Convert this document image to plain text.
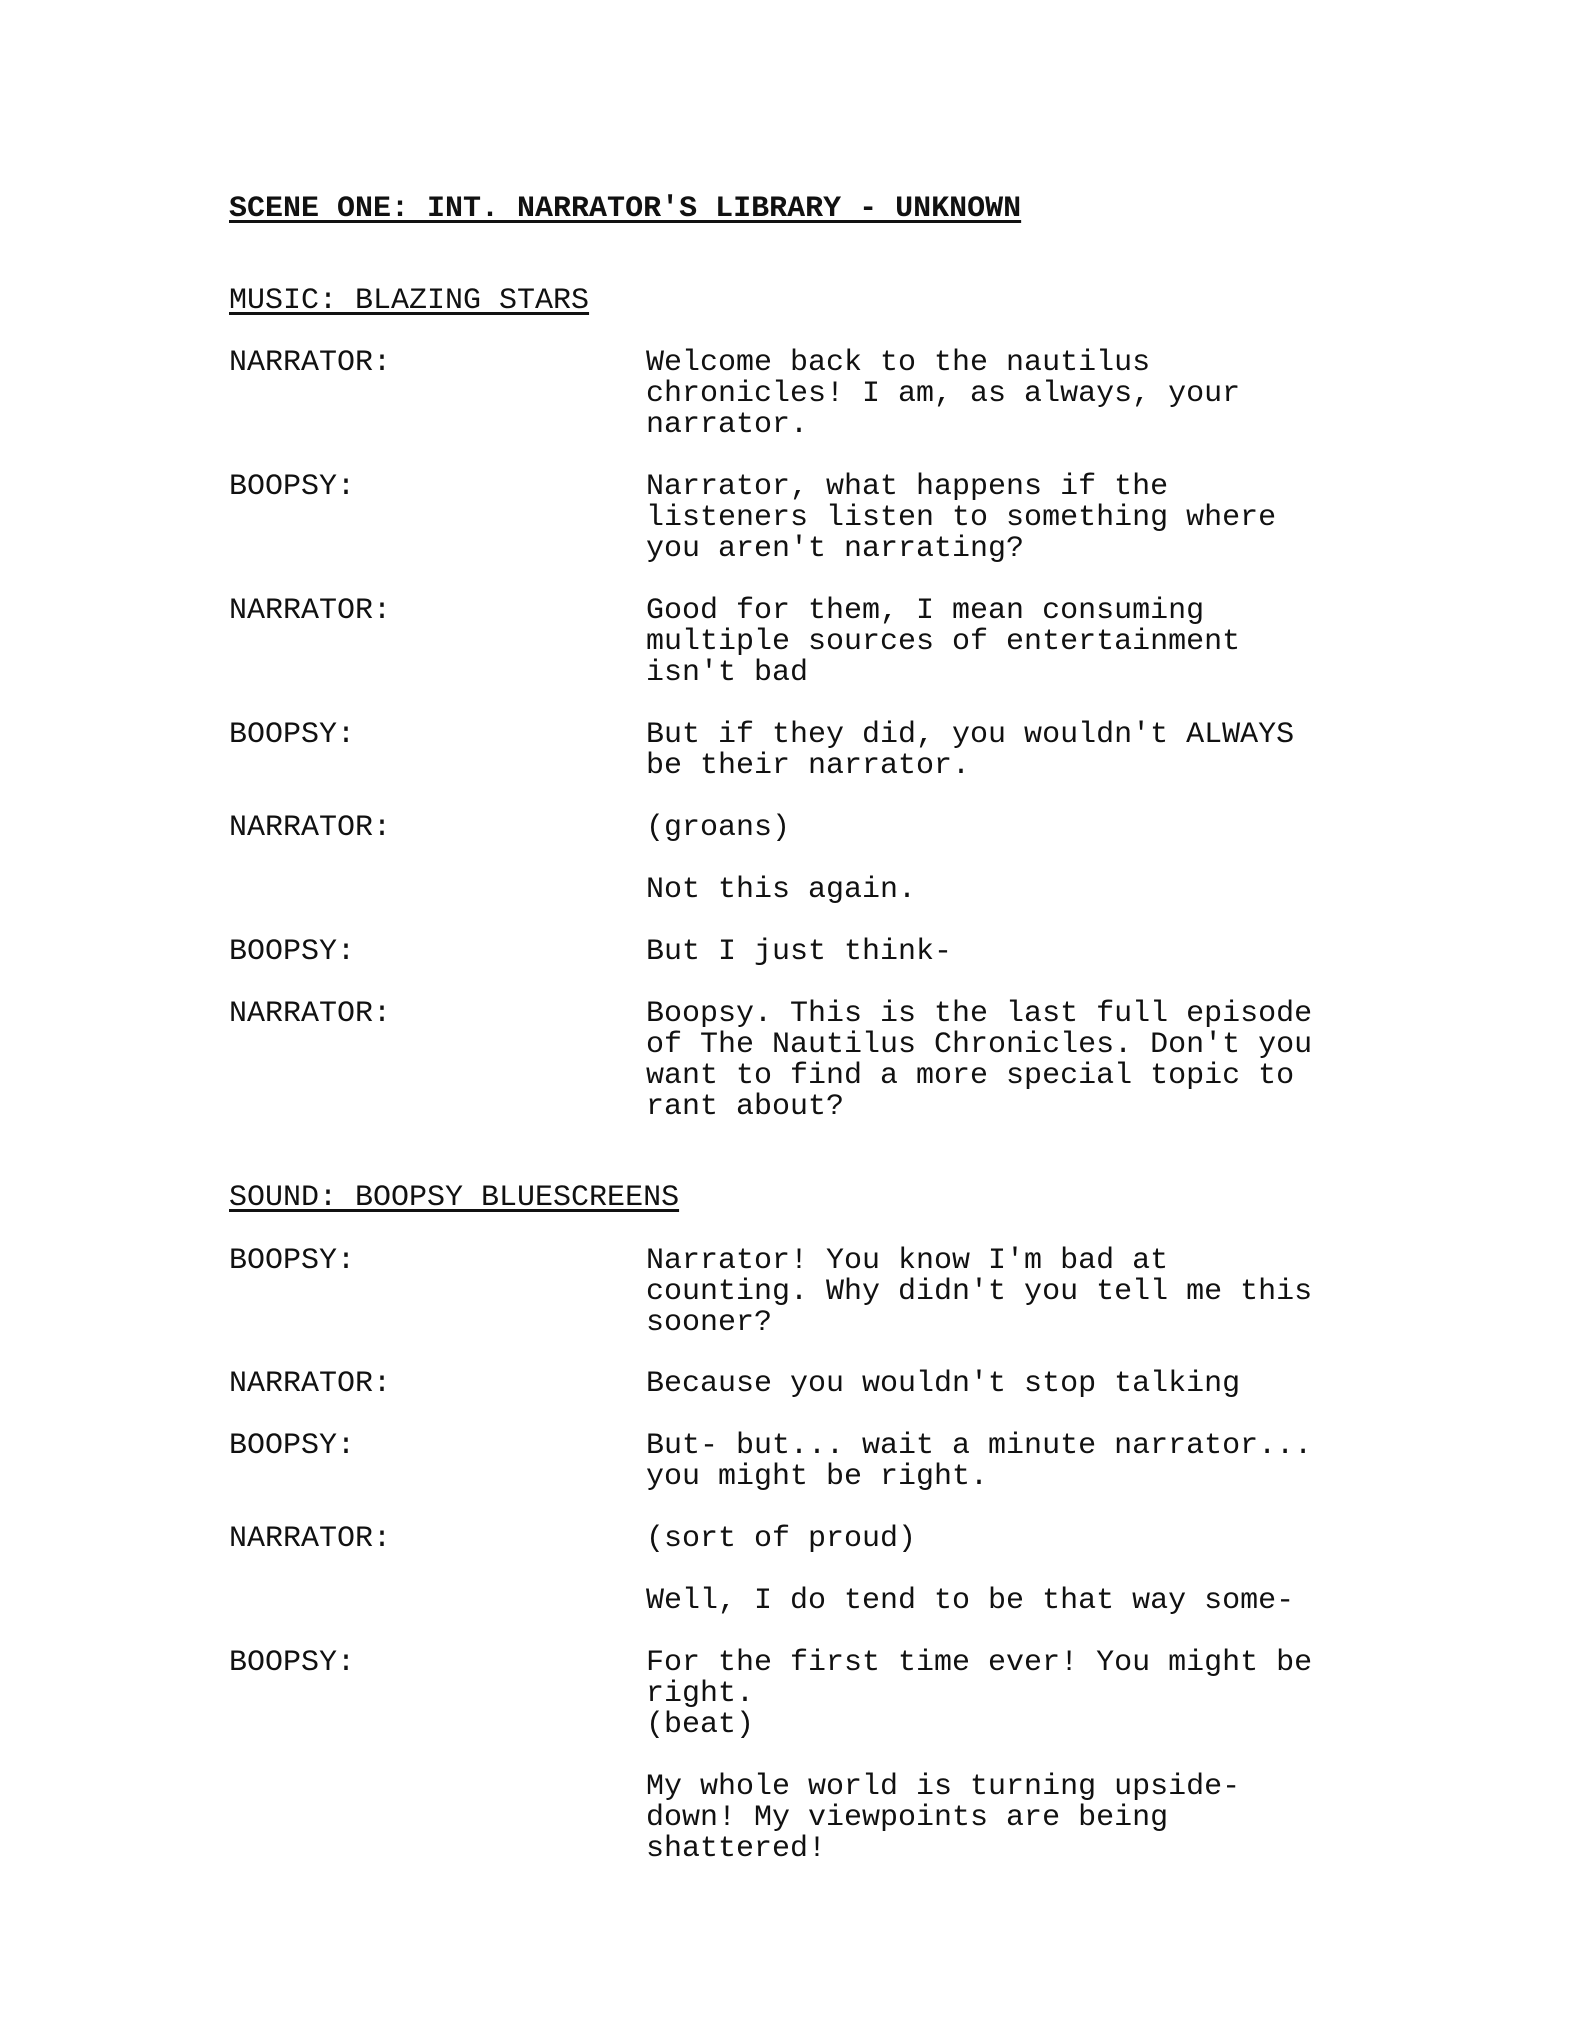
SCENE ONE: INT. NARRATOR'S LIBRARY - UNKNOWN
MUSIC: BLAZING STARS
NARRATOR:	Welcome back to the nautilus
chronicles! I am, as always, your
narrator.
BOOPSY:	Narrator, what happens if the
listeners listen to something where
you aren't narrating?
NARRATOR:	Good for them, I mean consuming
multiple sources of entertainment
isn't bad
BOOPSY:	But if they did, you wouldn't ALWAYS
be their narrator.
NARRATOR:	(groans)
Not this again.
BOOPSY:	But I just think-
NARRATOR:	Boopsy. This is the last full episode
of The Nautilus Chronicles. Don't you
want to find a more special topic to
rant about?
SOUND: BOOPSY BLUESCREENS
BOOPSY:	Narrator! You know I'm bad at
counting. Why didn't you tell me this
sooner?
NARRATOR:	Because you wouldn't stop talking
BOOPSY:	But- but... wait a minute narrator...
you might be right.
NARRATOR:	(sort of proud)
Well, I do tend to be that way some-
BOOPSY:	For the first time ever! You might be
right.
(beat)
My whole world is turning upside-
down! My viewpoints are being
shattered!
